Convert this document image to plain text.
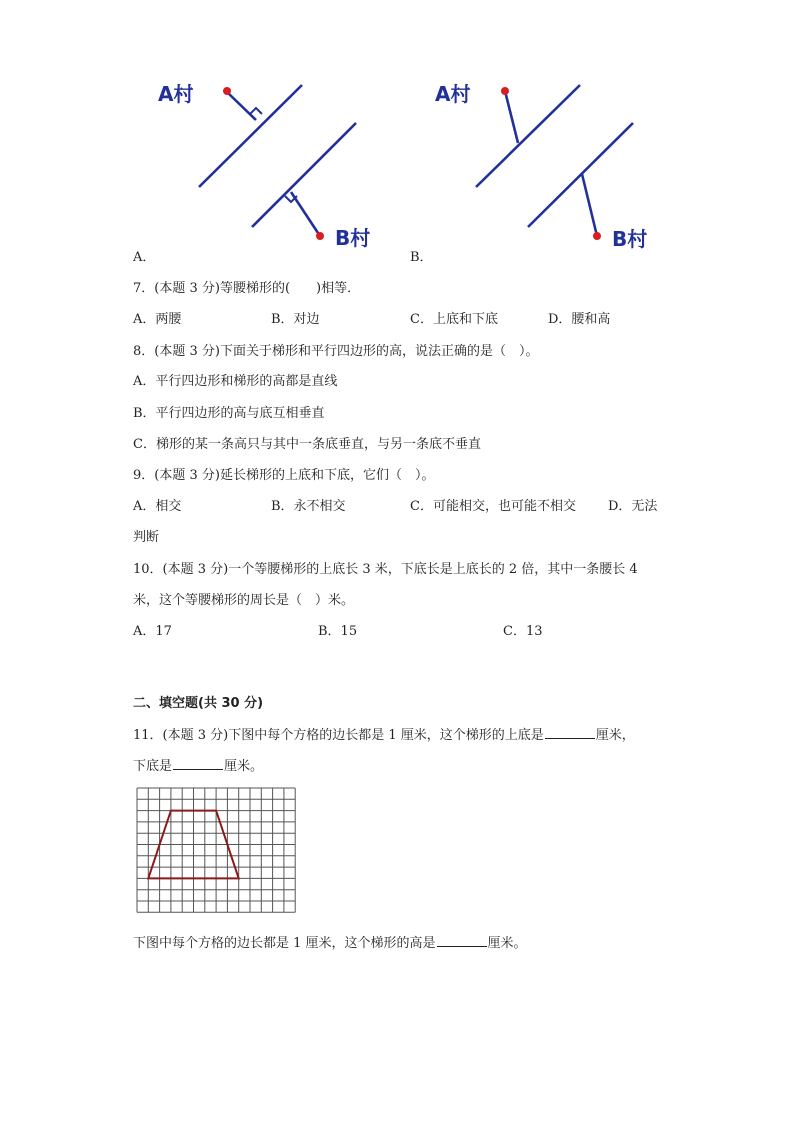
A村
B村
A．
A村
B村
B．
7．(本题 3 分)等腰梯形的(　　)相等．
A．两腰	B．对边	C．上底和下底	D．腰和高
8．(本题 3 分)下面关于梯形和平行四边形的高，说法正确的是（　）。
A．平行四边形和梯形的高都是直线
B．平行四边形的高与底互相垂直
C．梯形的某一条高只与其中一条底垂直，与另一条底不垂直
9．(本题 3 分)延长梯形的上底和下底，它们（　）。
A．相交	B．永不相交	C．可能相交，也可能不相交 D．无法
判断
10．(本题 3 分)一个等腰梯形的上底长 3 米，下底长是上底长的 2 倍，其中一条腰长 4
米，这个等腰梯形的周长是（　）米。
A．17	B．15	C．13
二、填空题(共 30 分)
11．(本题 3 分)下图中每个方格的边长都是 1 厘米，这个梯形的上底是	厘米，
下底是	厘米。
下图中每个方格的边长都是 1 厘米，这个梯形的高是	厘米。
